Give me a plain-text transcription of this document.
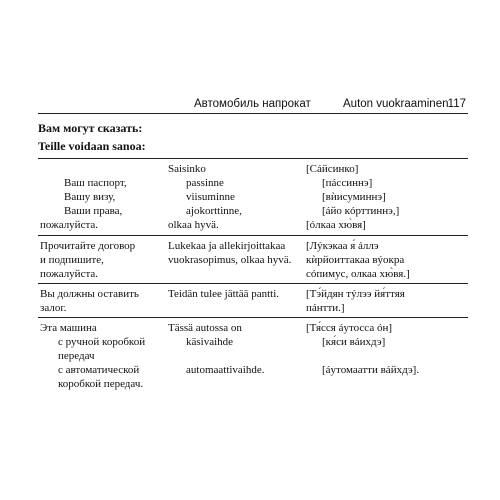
Автомобиль напрокат	Auton vuokraaminen 117
Вам могут сказать:
Teille voidaan sanoa:
Ваш паспорт,
Вашу визу,
Ваши права,
пожалуйста.
Saisinko
passinne
viisuminne
ajokorttinne,
olkaa hyvä.
[Сáйсинко]
[пáссиннэ]
[вѝисуминнэ]
[áйо кóрттиннэ,]
[óлкаа хю̀вя]
Прочитайте договор
и подпишите,
пожалуйста.
Lukekaa ja allekirjoittakaa
vuokrasopimus, olkaa hyvä.
[Лýкэкаа я́ áллэ
кѝрйоиттакаа вýокра
сóпимус, олкаа хю̀вя.]
Вы должны оставить
залог.
Teidän tulee jättää pantti.	[Тэ́йдян тýлээ йя́ттяя
пáнтти.]
Эта машина
с ручной коробкой
передач
с автоматической
коробкой передач.
Tässä autossa on
käsivaihde

automaattivaihde.
[Тя́сся áутосса óн]
[кя́си вáихдэ]

[áутомаатти вáйхдэ].
